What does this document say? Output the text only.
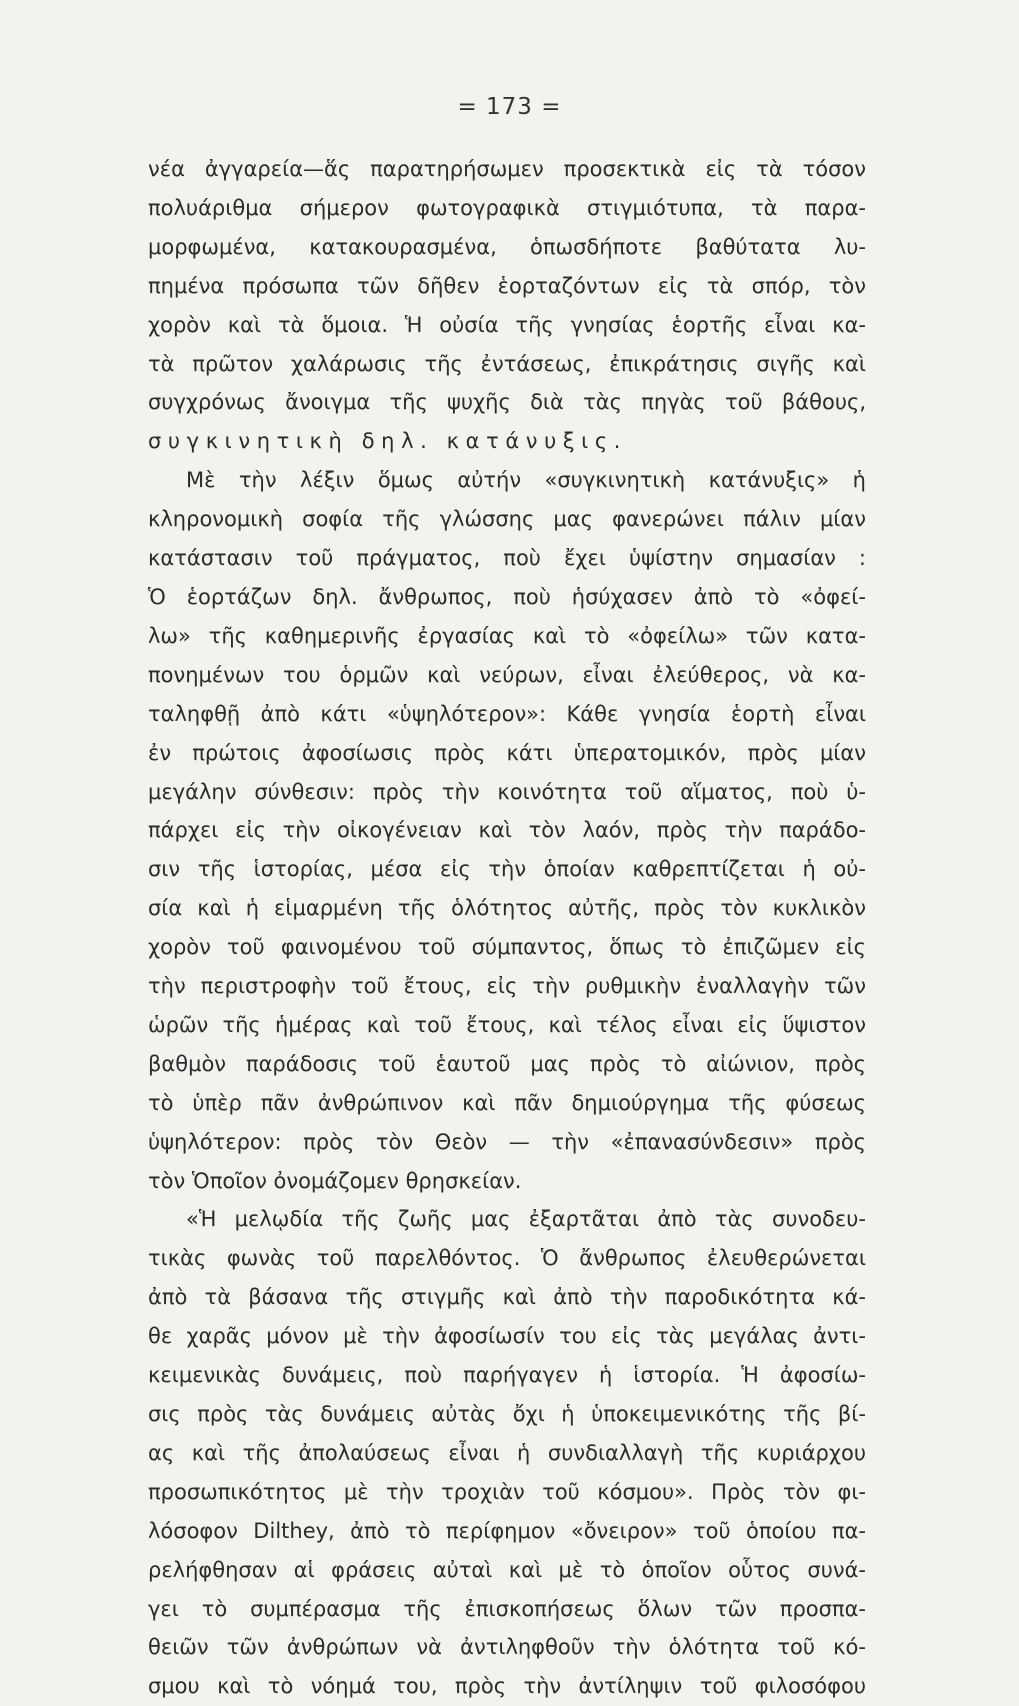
= 173 =
νέα ἀγγαρεία—ἅς παρατηρήσωμεν προσεκτικὰ εἰς τὰ τόσον
πολυάριθμα σήμερον φωτογραφικὰ στιγμιότυπα, τὰ παρα-
μορφωμένα, κατακουρασμένα, ὁπωσδήποτε βαθύτατα λυ-
πημένα πρόσωπα τῶν δῆθεν ἑορταζόντων εἰς τὰ σπόρ, τὸν
χορὸν καὶ τὰ ὅμοια. Ἡ οὐσία τῆς γνησίας ἑορτῆς εἶναι κα-
τὰ πρῶτον χαλάρωσις τῆς ἐντάσεως, ἐπικράτησις σιγῆς καὶ
συγχρόνως ἄνοιγμα τῆς ψυχῆς διὰ τὰς πηγὰς τοῦ βάθους,
συγκινητικὴ δηλ. κατάνυξις.
Μὲ τὴν λέξιν ὅμως αὐτήν «συγκινητικὴ κατάνυξις» ἡ
κληρονομικὴ σοφία τῆς γλώσσης μας φανερώνει πάλιν μίαν
κατάστασιν τοῦ πράγματος, ποὺ ἔχει ὑψίστην σημασίαν :
Ὁ ἑορτάζων δηλ. ἄνθρωπος, ποὺ ἡσύχασεν ἀπὸ τὸ «ὀφεί-
λω» τῆς καθημερινῆς ἐργασίας καὶ τὸ «ὀφείλω» τῶν κατα-
πονημένων του ὁρμῶν καὶ νεύρων, εἶναι ἐλεύθερος, νὰ κα-
ταληφθῇ ἀπὸ κάτι «ὑψηλότερον»: Κάθε γνησία ἑορτὴ εἶναι
ἐν πρώτοις ἀφοσίωσις πρὸς κάτι ὑπερατομικόν, πρὸς μίαν
μεγάλην σύνθεσιν: πρὸς τὴν κοινότητα τοῦ αἵματος, ποὺ ὑ-
πάρχει εἰς τὴν οἰκογένειαν καὶ τὸν λαόν, πρὸς τὴν παράδο-
σιν τῆς ἱστορίας, μέσα εἰς τὴν ὁποίαν καθρεπτίζεται ἡ οὐ-
σία καὶ ἡ εἱμαρμένη τῆς ὁλότητος αὐτῆς, πρὸς τὸν κυκλικὸν
χορὸν τοῦ φαινομένου τοῦ σύμπαντος, ὅπως τὸ ἐπιζῶμεν εἰς
τὴν περιστροφὴν τοῦ ἔτους, εἰς τὴν ρυθμικὴν ἐναλλαγὴν τῶν
ὡρῶν τῆς ἡμέρας καὶ τοῦ ἔτους, καὶ τέλος εἶναι εἰς ὕψιστον
βαθμὸν παράδοσις τοῦ ἑαυτοῦ μας πρὸς τὸ αἰώνιον, πρὸς
τὸ ὑπὲρ πᾶν ἀνθρώπινον καὶ πᾶν δημιούργημα τῆς φύσεως
ὑψηλότερον: πρὸς τὸν Θεὸν — τὴν «ἐπανασύνδεσιν» πρὸς
τὸν Ὁποῖον ὀνομάζομεν θρησκείαν.
«Ἡ μελῳδία τῆς ζωῆς μας ἐξαρτᾶται ἀπὸ τὰς συνοδευ-
τικὰς φωνὰς τοῦ παρελθόντος. Ὁ ἄνθρωπος ἐλευθερώνεται
ἀπὸ τὰ βάσανα τῆς στιγμῆς καὶ ἀπὸ τὴν παροδικότητα κά-
θε χαρᾶς μόνον μὲ τὴν ἀφοσίωσίν του εἰς τὰς μεγάλας ἀντι-
κειμενικὰς δυνάμεις, ποὺ παρήγαγεν ἡ ἱστορία. Ἡ ἀφοσίω-
σις πρὸς τὰς δυνάμεις αὐτὰς ὄχι ἡ ὑποκειμενικότης τῆς βί-
ας καὶ τῆς ἀπολαύσεως εἶναι ἡ συνδιαλλαγὴ τῆς κυριάρχου
προσωπικότητος μὲ τὴν τροχιὰν τοῦ κόσμου». Πρὸς τὸν φι-
λόσοφον Dilthey, ἀπὸ τὸ περίφημον «ὄνειρον» τοῦ ὁποίου πα-
ρελήφθησαν αἱ φράσεις αὐταὶ καὶ μὲ τὸ ὁποῖον οὗτος συνά-
γει τὸ συμπέρασμα τῆς ἐπισκοπήσεως ὅλων τῶν προσπα-
θειῶν τῶν ἀνθρώπων νὰ ἀντιληφθοῦν τὴν ὁλότητα τοῦ κό-
σμου καὶ τὸ νόημά του, πρὸς τὴν ἀντίληψιν τοῦ φιλοσόφου
